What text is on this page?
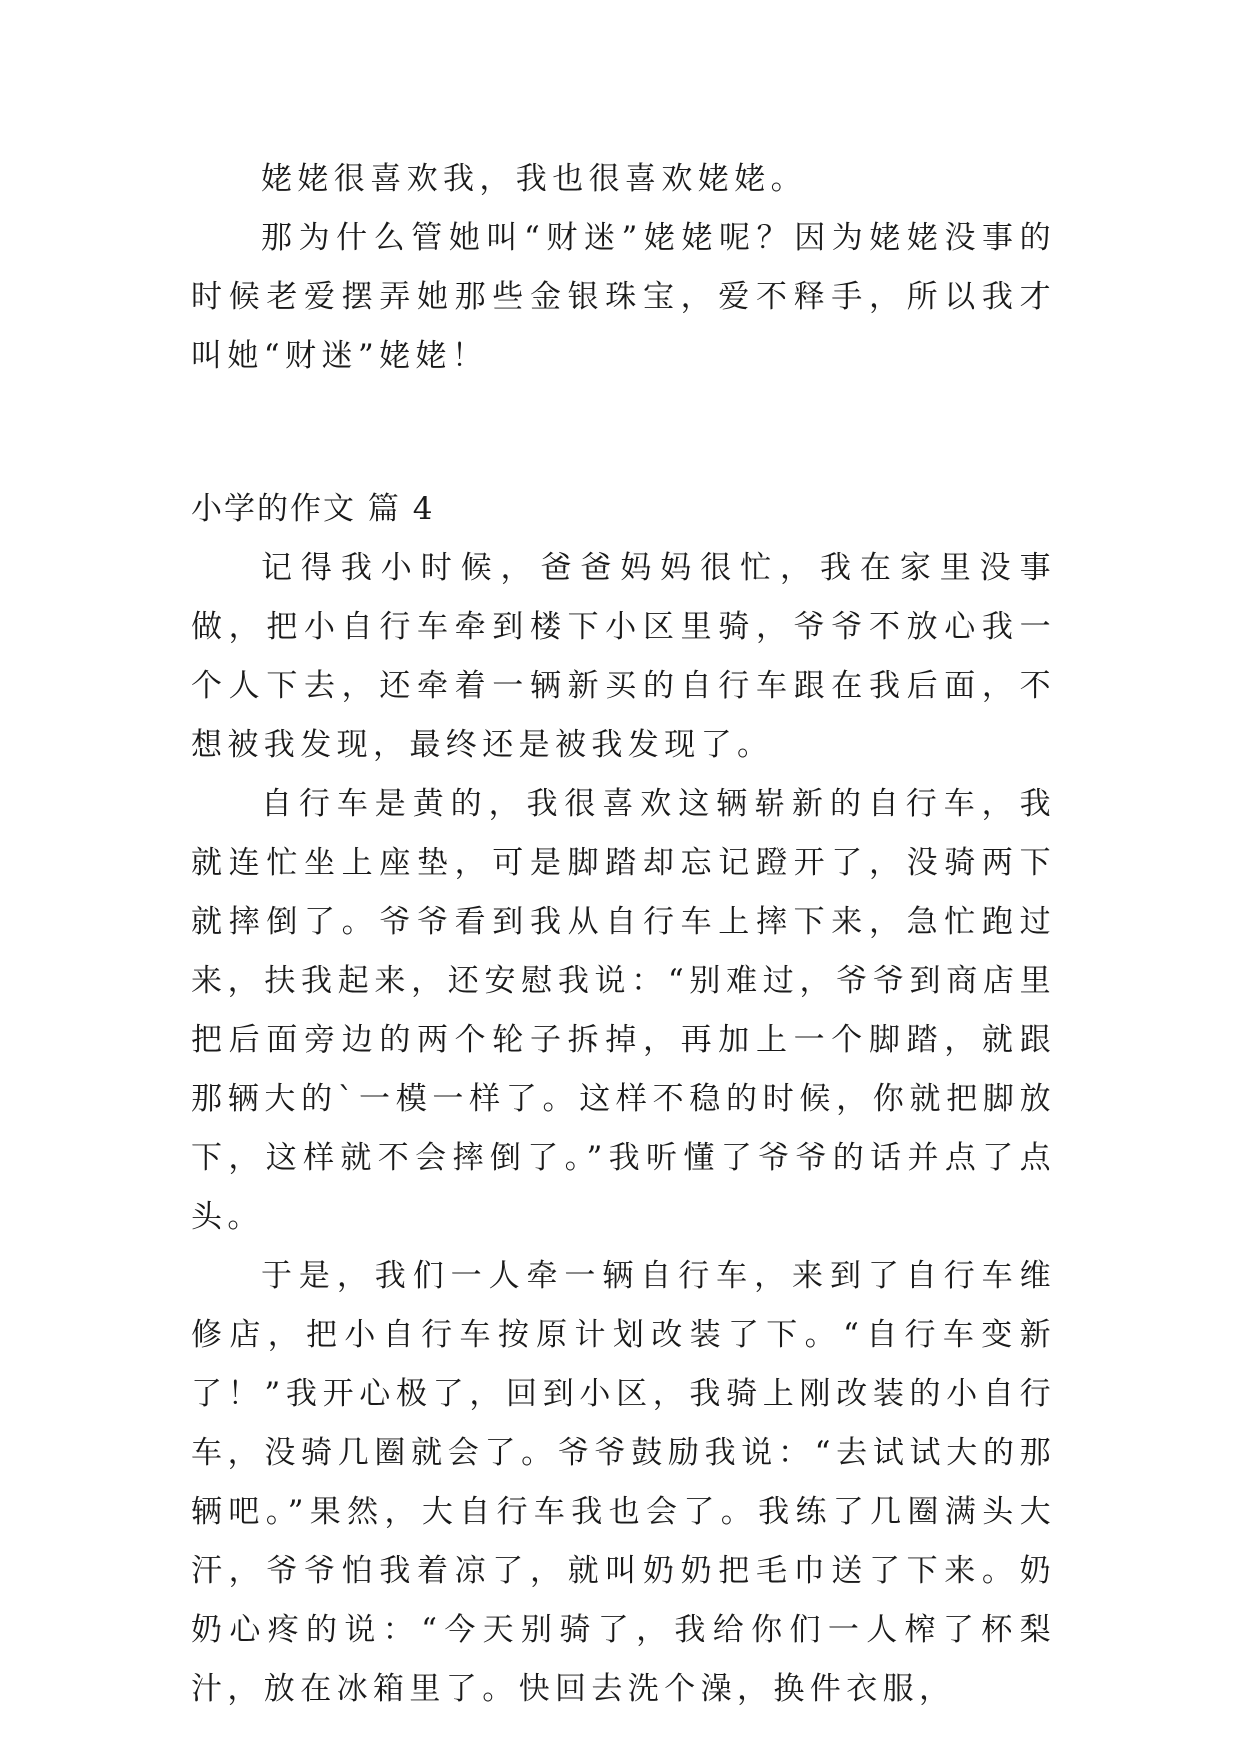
姥姥很喜欢我，我也很喜欢姥姥。

那为什么管她叫“财迷”姥姥呢？因为姥姥没事的时候老爱摆弄她那些金银珠宝，爱不释手，所以我才叫她“财迷”姥姥！

小学的作文 篇 4

记得我小时候，爸爸妈妈很忙，我在家里没事做，把小自行车牵到楼下小区里骑，爷爷不放心我一个人下去，还牵着一辆新买的自行车跟在我后面，不想被我发现，最终还是被我发现了。

自行车是黄的，我很喜欢这辆崭新的自行车，我就连忙坐上座垫，可是脚踏却忘记蹬开了，没骑两下就摔倒了。爷爷看到我从自行车上摔下来，急忙跑过来，扶我起来，还安慰我说：“别难过，爷爷到商店里把后面旁边的两个轮子拆掉，再加上一个脚踏，就跟那辆大的`一模一样了。这样不稳的时候，你就把脚放下，这样就不会摔倒了。”我听懂了爷爷的话并点了点头。

于是，我们一人牵一辆自行车，来到了自行车维修店，把小自行车按原计划改装了下。“自行车变新了！”我开心极了，回到小区，我骑上刚改装的小自行车，没骑几圈就会了。爷爷鼓励我说：“去试试大的那辆吧。”果然，大自行车我也会了。我练了几圈满头大汗，爷爷怕我着凉了，就叫奶奶把毛巾送了下来。奶奶心疼的说：“今天别骑了，我给你们一人榨了杯梨汁，放在冰箱里了。快回去洗个澡，换件衣服，
